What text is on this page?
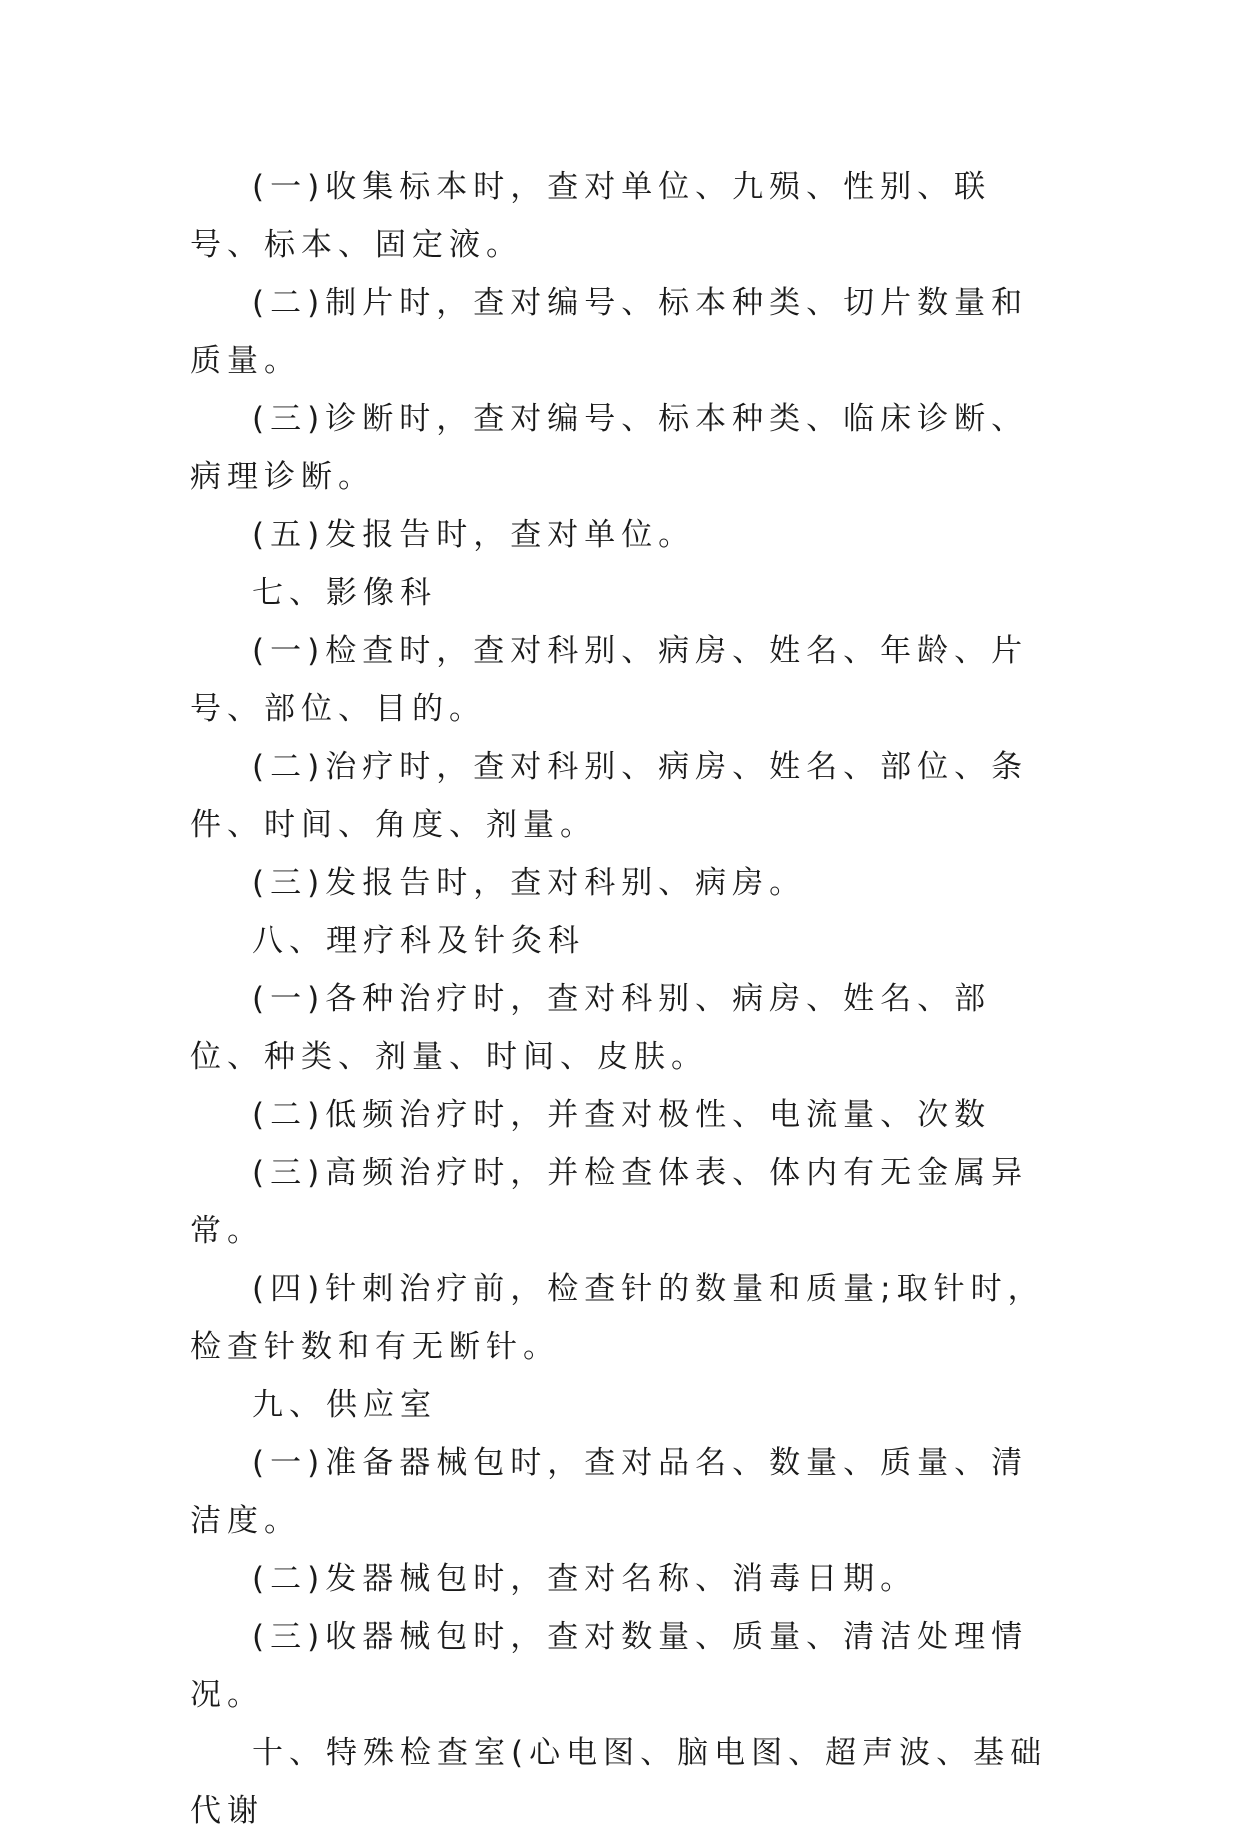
(一)收集标本时，查对单位、九殒、性别、联号、标本、固定液。

(二)制片时，查对编号、标本种类、切片数量和质量。

(三)诊断时，查对编号、标本种类、临床诊断、病理诊断。

(五)发报告时，查对单位。

七、影像科

(一)检查时，查对科别、病房、姓名、年龄、片号、部位、目的。

(二)治疗时，查对科别、病房、姓名、部位、条件、时间、角度、剂量。

(三)发报告时，查对科别、病房。

八、理疗科及针灸科

(一)各种治疗时，查对科别、病房、姓名、部位、种类、剂量、时间、皮肤。

(二)低频治疗时，并查对极性、电流量、次数

(三)高频治疗时，并检查体表、体内有无金属异常。

(四)针刺治疗前，检查针的数量和质量;取针时，检查针数和有无断针。

九、供应室

(一)准备器械包时，查对品名、数量、质量、清洁度。

(二)发器械包时，查对名称、消毒日期。

(三)收器械包时，查对数量、质量、清洁处理情况。

十、特殊检查室(心电图、脑电图、超声波、基础代谢
